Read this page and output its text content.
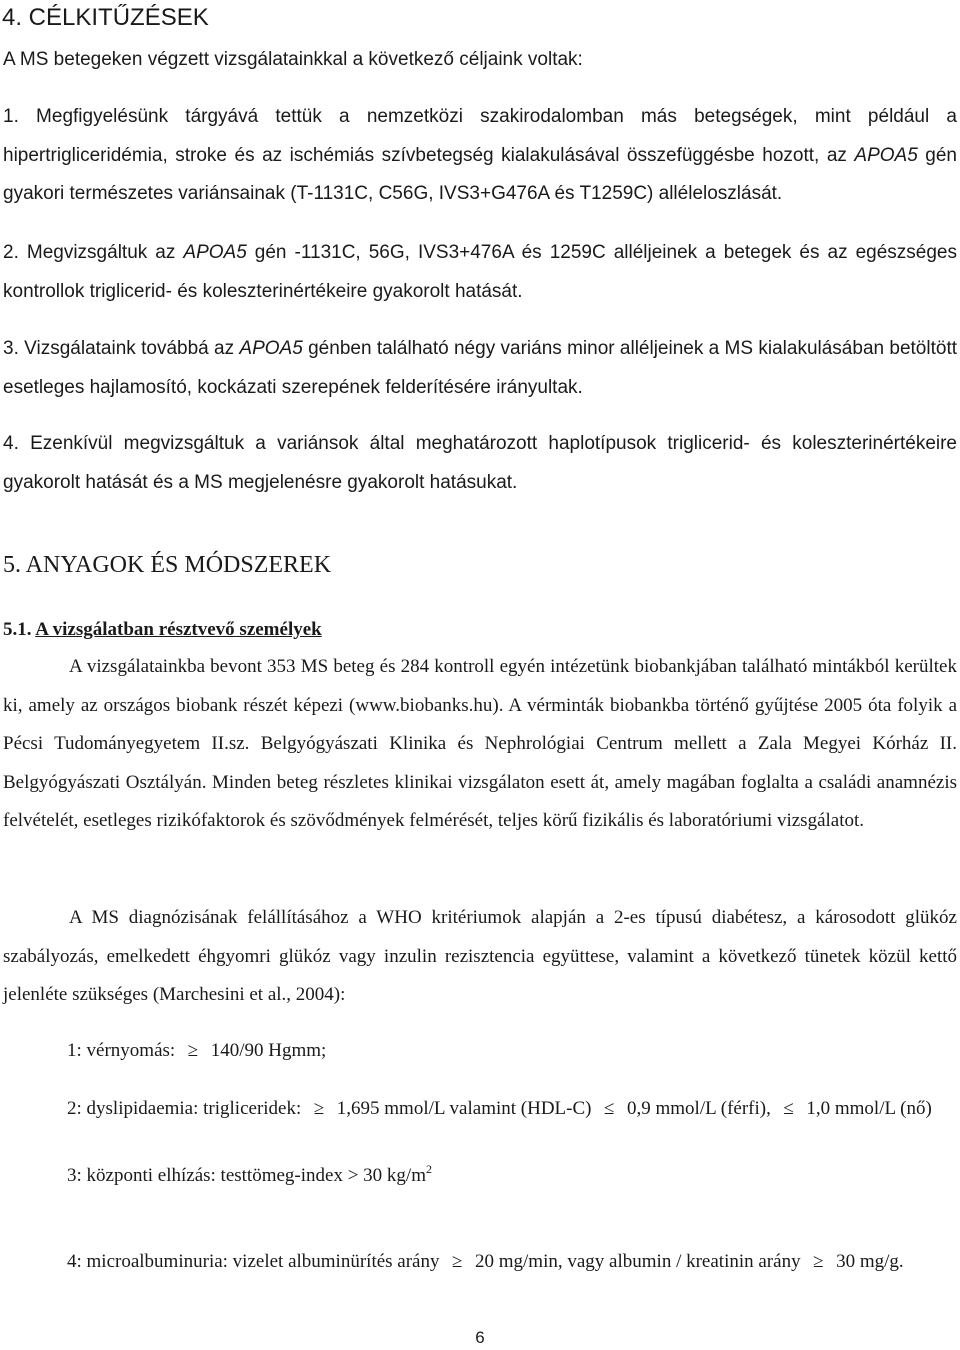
4. CÉLKITŰZÉSEK
A MS betegeken végzett vizsgálatainkkal a következő céljaink voltak:
1. Megfigyelésünk tárgyává tettük a nemzetközi szakirodalomban más betegségek, mint például a hipertrigliceridémia, stroke és az ischémiás szívbetegség kialakulásával összefüggésbe hozott, az APOA5 gén gyakori természetes variánsainak (T-1131C, C56G, IVS3+G476A és T1259C) alléleloszlását.
2. Megvizsgáltuk az APOA5 gén -1131C, 56G, IVS3+476A és 1259C alléljeinek a betegek és az egészséges kontrollok triglicerid- és koleszterinértékeire gyakorolt hatását.
3. Vizsgálataink továbbá az APOA5 génben található négy variáns minor alléljeinek a MS kialakulásában betöltött esetleges hajlamosító, kockázati szerepének felderítésére irányultak.
4. Ezenkívül megvizsgáltuk a variánsok által meghatározott haplotípusok triglicerid- és koleszterinértékeire gyakorolt hatását és a MS megjelenésre gyakorolt hatásukat.
5. ANYAGOK ÉS MÓDSZEREK
5.1. A vizsgálatban résztvevő személyek
A vizsgálatainkba bevont 353 MS beteg és 284 kontroll egyén intézetünk biobankjában található mintákból kerültek ki, amely az országos biobank részét képezi (www.biobanks.hu). A vérminták biobankba történő gyűjtése 2005 óta folyik a Pécsi Tudományegyetem II.sz. Belgyógyászati Klinika és Nephrológiai Centrum mellett a Zala Megyei Kórház II. Belgyógyászati Osztályán. Minden beteg részletes klinikai vizsgálaton esett át, amely magában foglalta a családi anamnézis felvételét, esetleges rizikófaktorok és szövődmények felmérését, teljes körű fizikális és laboratóriumi vizsgálatot.
A MS diagnózisának felállításához a WHO kritériumok alapján a 2-es típusú diabétesz, a károsodott glükóz szabályozás, emelkedett éhgyomri glükóz vagy inzulin rezisztencia együttese, valamint a következő tünetek közül kettő jelenléte szükséges (Marchesini et al., 2004):
1: vérnyomás: ≥ 140/90 Hgmm;
2: dyslipidaemia: trigliceridek: ≥ 1,695 mmol/L valamint (HDL-C) ≤ 0,9 mmol/L (férfi), ≤ 1,0 mmol/L (nő)
3: központi elhízás: testtömeg-index > 30 $kg/m^2$
4: microalbuminuria: vizelet albuminürítés arány ≥ 20 mg/min, vagy albumin / kreatinin arány ≥ 30 mg/g.
6
